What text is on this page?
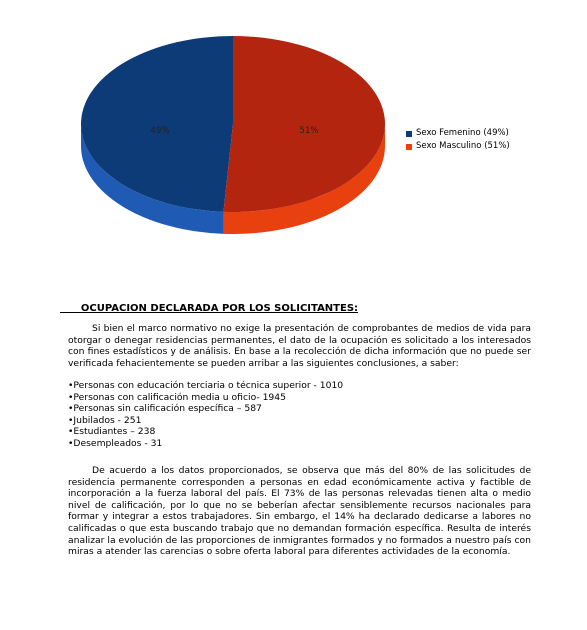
49%	51%	Sexo Femenino (49%)
Sexo Masculino (51%)
OCUPACION DECLARADA POR LOS SOLICITANTES:

Si bien el marco normativo no exige la presentación de comprobantes de medios de vida para otorgar o denegar residencias permanentes, el dato de la ocupación es solicitado a los interesados con fines estadísticos y de análisis. En base a la recolección de dicha información que no puede ser verificada fehacientemente se pueden arribar a las siguientes conclusiones, a saber:

• Personas con educación terciaria o técnica superior - 1010
• Personas con calificación media u oficio- 1945
• Personas sin calificación específica – 587
• Jubilados - 251
• Estudiantes – 238
• Desempleados - 31

De acuerdo a los datos proporcionados, se observa que más del 80% de las solicitudes de residencia permanente corresponden a personas en edad económicamente activa y factible de incorporación a la fuerza laboral del país. El 73% de las personas relevadas tienen alta o medio nivel de calificación, por lo que no se beberían afectar sensiblemente recursos nacionales para formar y integrar a estos trabajadores. Sin embargo, el 14% ha declarado dedicarse a labores no calificadas o que esta buscando trabajo que no demandan formación específica. Resulta de interés analizar la evolución de las proporciones de inmigrantes formados y no formados a nuestro país con miras a atender las carencias o sobre oferta laboral para diferentes actividades de la economía.
